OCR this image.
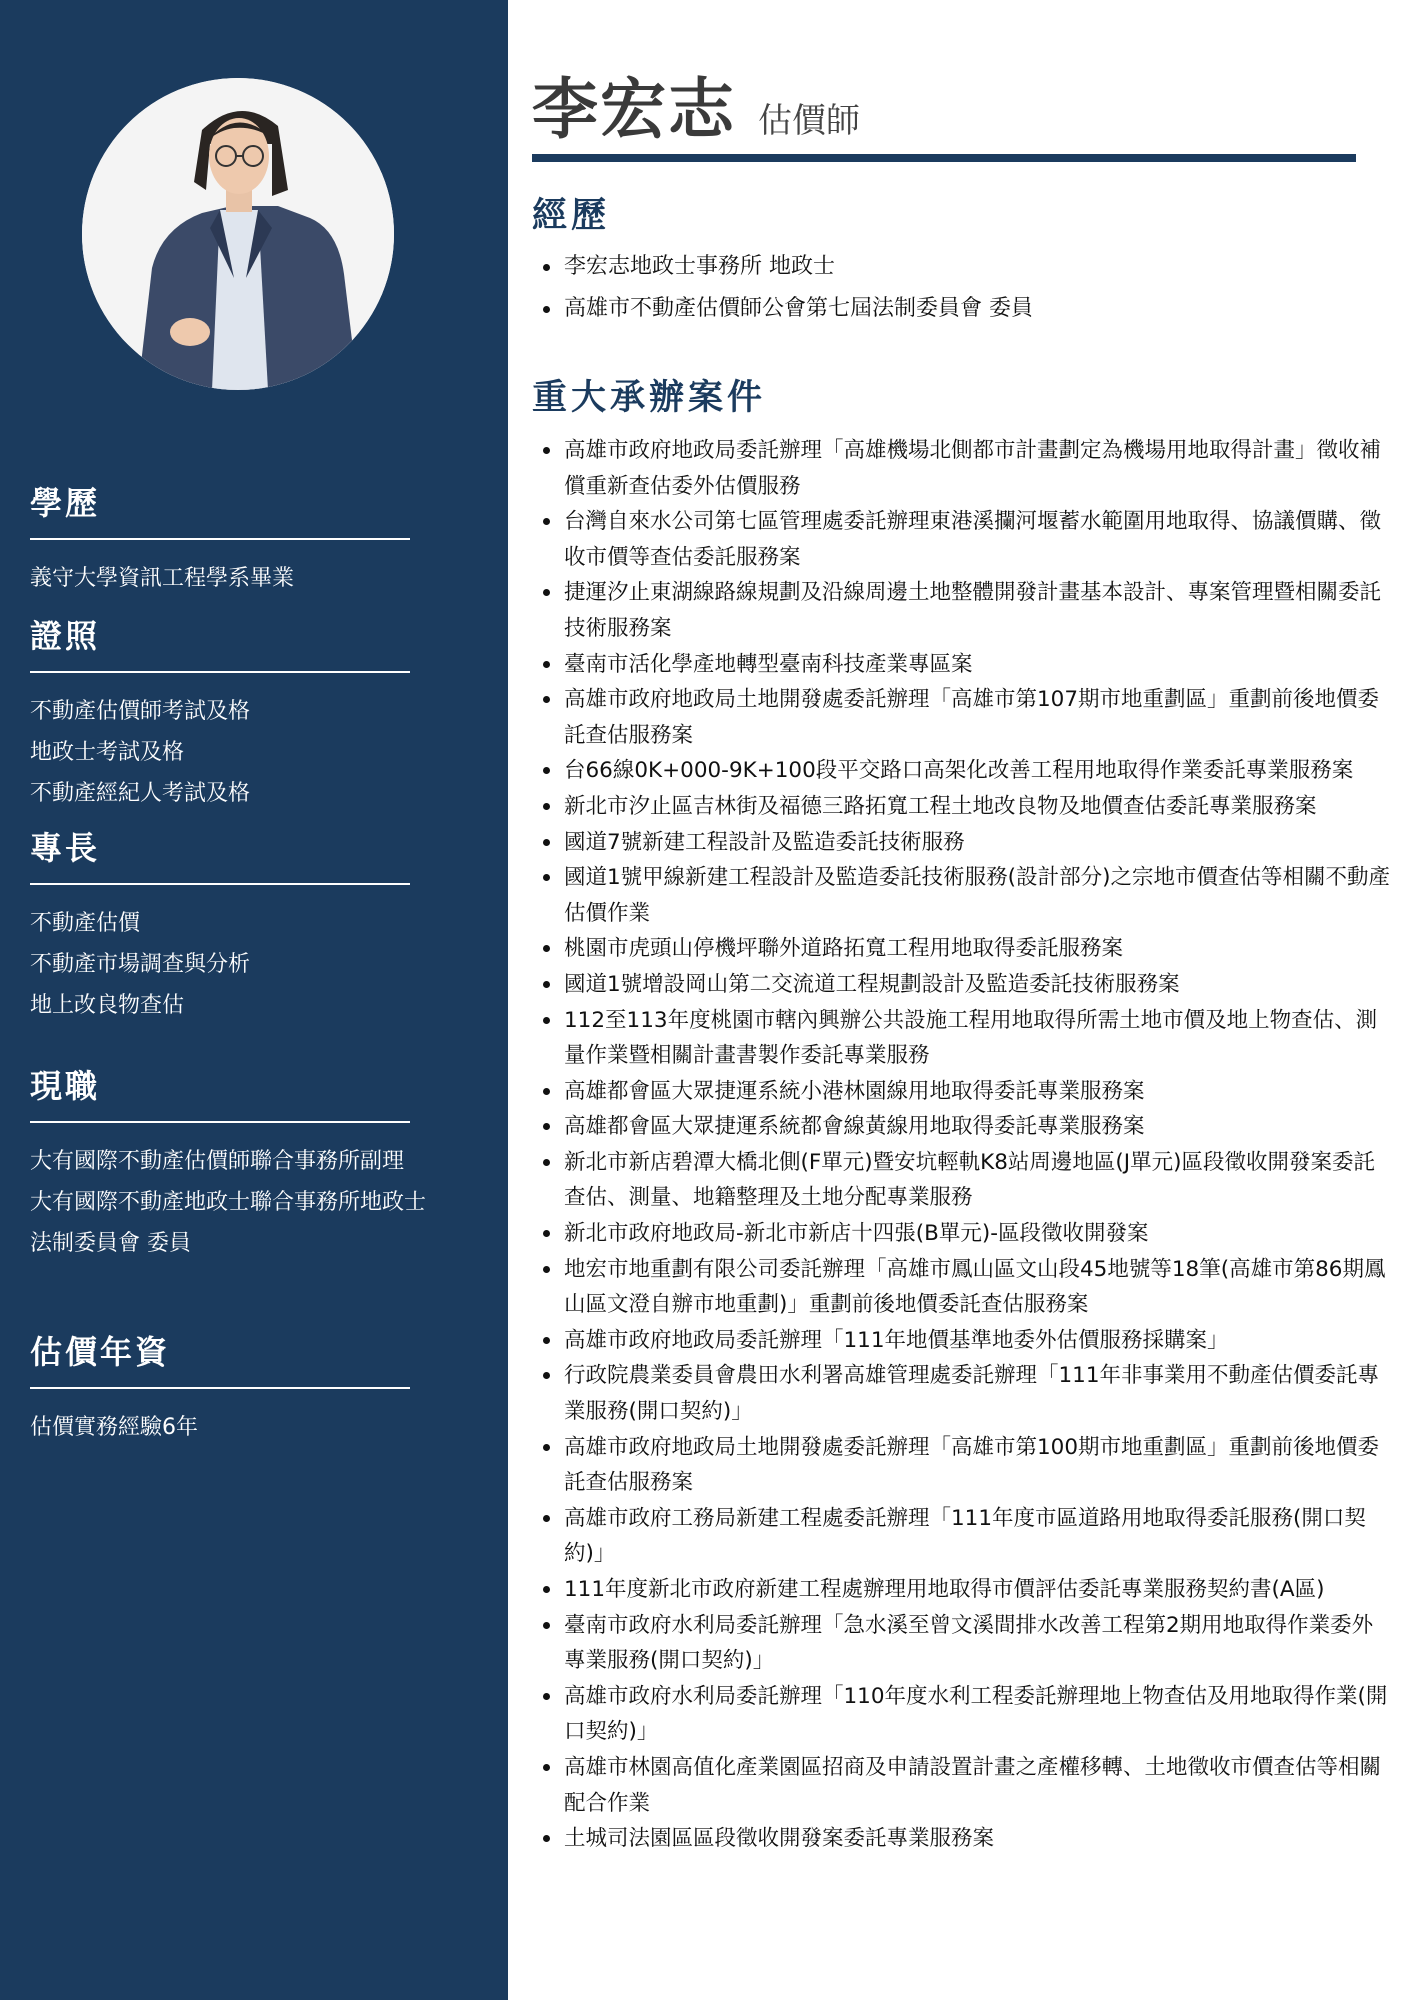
學歷
義守大學資訊工程學系畢業
證照
不動產估價師考試及格
地政士考試及格
不動產經紀人考試及格
專長
不動產估價
不動產市場調查與分析
地上改良物查估
現職
大有國際不動產估價師聯合事務所副理
大有國際不動產地政士聯合事務所地政士
法制委員會 委員
估價年資
估價實務經驗6年
李宏志 估價師
經歷
李宏志地政士事務所 地政士
高雄市不動產估價師公會第七屆法制委員會 委員
重大承辦案件
高雄市政府地政局委託辦理「高雄機場北側都市計畫劃定為機場用地取得計畫」徵收補償重新查估委外估價服務
台灣自來水公司第七區管理處委託辦理東港溪攔河堰蓄水範圍用地取得、協議價購、徵收市價等查估委託服務案
捷運汐止東湖線路線規劃及沿線周邊土地整體開發計畫基本設計、專案管理暨相關委託技術服務案
臺南市活化學產地轉型臺南科技產業專區案
高雄市政府地政局土地開發處委託辦理「高雄市第107期市地重劃區」重劃前後地價委託查估服務案
台66線0K+000-9K+100段平交路口高架化改善工程用地取得作業委託專業服務案
新北市汐止區吉林街及福德三路拓寬工程土地改良物及地價查估委託專業服務案
國道7號新建工程設計及監造委託技術服務
國道1號甲線新建工程設計及監造委託技術服務(設計部分)之宗地市價查估等相關不動產估價作業
桃園市虎頭山停機坪聯外道路拓寬工程用地取得委託服務案
國道1號增設岡山第二交流道工程規劃設計及監造委託技術服務案
112至113年度桃園市轄內興辦公共設施工程用地取得所需土地市價及地上物查估、測量作業暨相關計畫書製作委託專業服務
高雄都會區大眾捷運系統小港林園線用地取得委託專業服務案
高雄都會區大眾捷運系統都會線黃線用地取得委託專業服務案
新北市新店碧潭大橋北側(F單元)暨安坑輕軌K8站周邊地區(J單元)區段徵收開發案委託查估、測量、地籍整理及土地分配專業服務
新北市政府地政局-新北市新店十四張(B單元)-區段徵收開發案
地宏市地重劃有限公司委託辦理「高雄市鳳山區文山段45地號等18筆(高雄市第86期鳳山區文澄自辦市地重劃)」重劃前後地價委託查估服務案
高雄市政府地政局委託辦理「111年地價基準地委外估價服務採購案」
行政院農業委員會農田水利署高雄管理處委託辦理「111年非事業用不動產估價委託專業服務(開口契約)」
高雄市政府地政局土地開發處委託辦理「高雄市第100期市地重劃區」重劃前後地價委託查估服務案
高雄市政府工務局新建工程處委託辦理「111年度市區道路用地取得委託服務(開口契約)」
111年度新北市政府新建工程處辦理用地取得市價評估委託專業服務契約書(A區)
臺南市政府水利局委託辦理「急水溪至曾文溪間排水改善工程第2期用地取得作業委外專業服務(開口契約)」
高雄市政府水利局委託辦理「110年度水利工程委託辦理地上物查估及用地取得作業(開口契約)」
高雄市林園高值化產業園區招商及申請設置計畫之產權移轉、土地徵收市價查估等相關配合作業
土城司法園區區段徵收開發案委託專業服務案
